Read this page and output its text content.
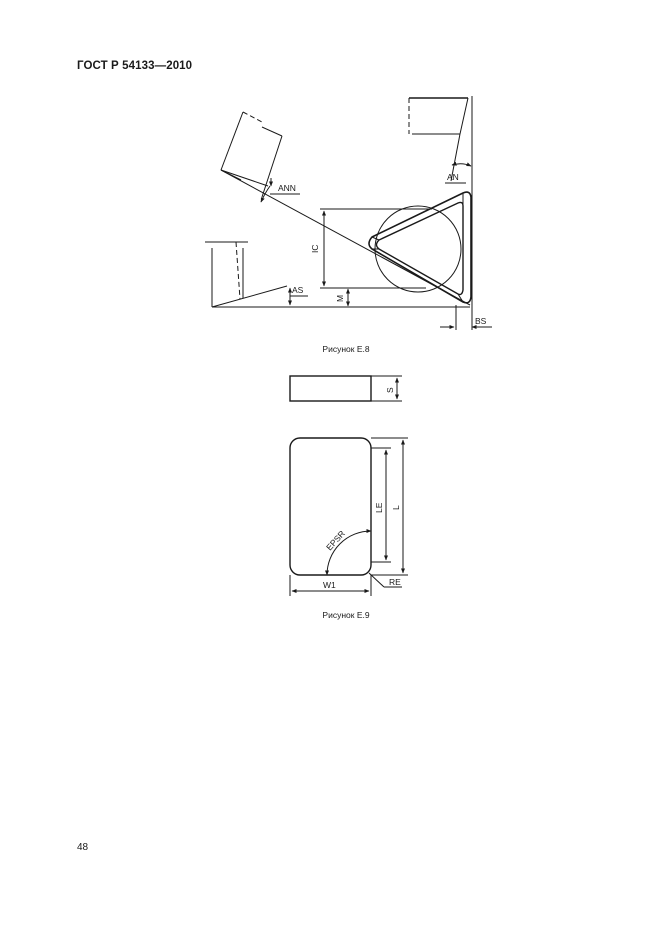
ГОСТ Р 54133—2010
ANN
AN
IC
AS
M
BS
S
LE L
EPSR
W1	RE
Рисунок Е.8
Рисунок Е.9
48
